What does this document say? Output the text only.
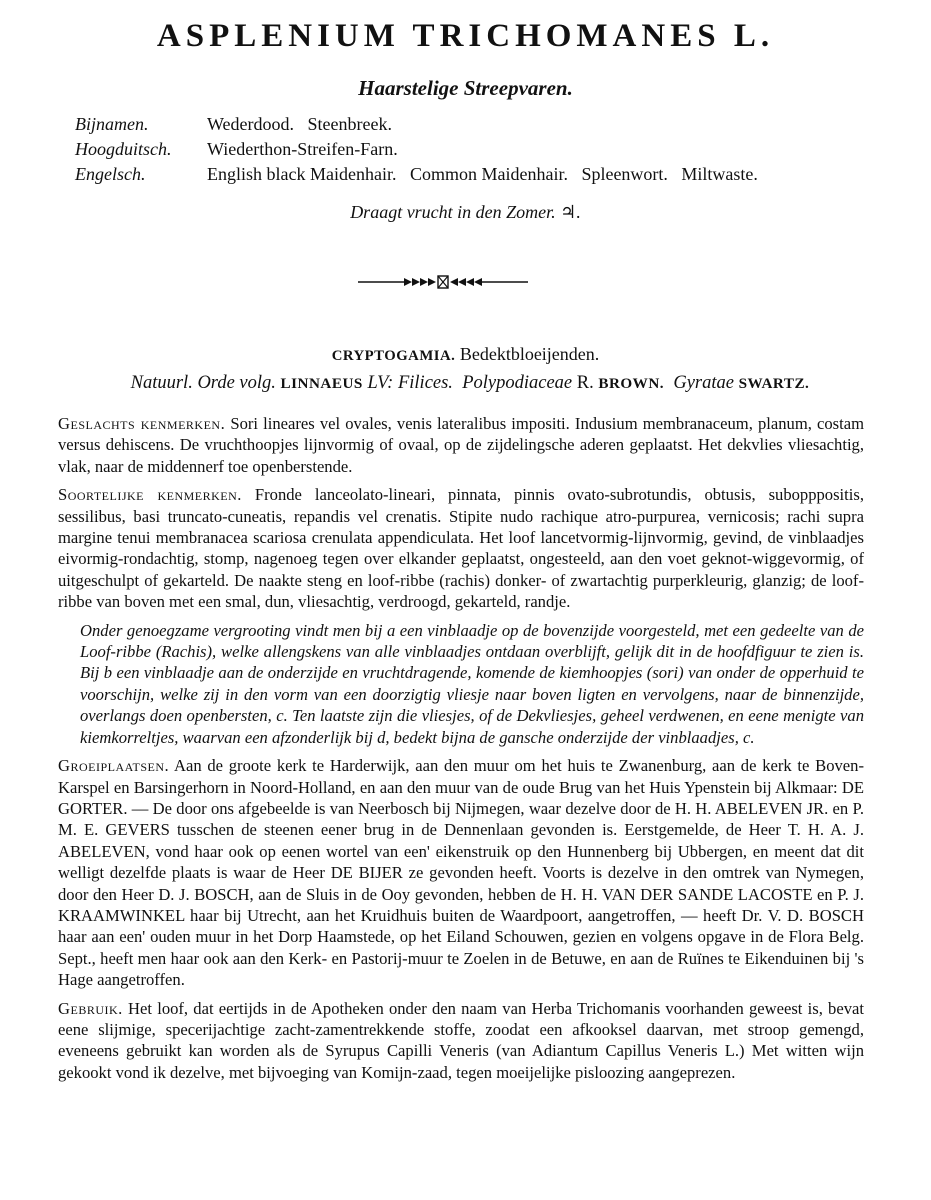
ASPLENIUM TRICHOMANES L.
Haarstelige Streepvaren.
Bijnamen.	Wederdood.   Steenbreek.
Hoogduitsch.	Wiederthon-Streifen-Farn.
Engelsch.	English black Maidenhair.   Common Maidenhair.   Spleenwort.   Miltwaste.
Draagt vrucht in den Zomer. ♃.
CRYPTOGAMIA. Bedektbloeijenden.
Natuurl. Orde volg. LINNAEUS LV: Filices. Polypodiaceae R. BROWN. Gyratae SWARTZ.

Geslachts kenmerken. Sori lineares vel ovales, venis lateralibus impositi. Indusium membranaceum, planum, costam versus dehiscens. De vruchthoopjes lijnvormig of ovaal, op de zijdelingsche aderen geplaatst. Het dekvlies vliesachtig, vlak, naar de middennerf toe openberstende.

Soortelijke kenmerken. Fronde lanceolato-lineari, pinnata, pinnis ovato-subrotundis, obtusis, subopppositis, sessilibus, basi truncato-cuneatis, repandis vel crenatis. Stipite nudo rachique atro-purpurea, vernicosis; rachi supra margine tenui membranacea scariosa crenulata appendiculata. Het loof lancetvormig-lijnvormig, gevind, de vinblaadjes eivormig-rondachtig, stomp, nagenoeg tegen over elkander geplaatst, ongesteeld, aan den voet geknot-wiggevormig, of uitgeschulpt of gekarteld. De naakte steng en loof-ribbe (rachis) donker- of zwartachtig purperkleurig, glanzig; de loof-ribbe van boven met een smal, dun, vliesachtig, verdroogd, gekarteld, randje.

Onder genoegzame vergrooting vindt men bij a een vinblaadje op de bovenzijde voorgesteld, met een gedeelte van de Loof-ribbe (Rachis), welke allengskens van alle vinblaadjes ontdaan overblijft, gelijk dit in de hoofdfiguur te zien is. Bij b een vinblaadje aan de onderzijde en vruchtdragende, komende de kiemhoopjes (sori) van onder de opperhuid te voorschijn, welke zij in den vorm van een doorzigtig vliesje naar boven ligten en vervolgens, naar de binnenzijde, overlangs doen openbersten, c. Ten laatste zijn die vliesjes, of de Dekvliesjes, geheel verdwenen, en eene menigte van kiemkorreltjes, waarvan een afzonderlijk bij d, bedekt bijna de gansche onderzijde der vinblaadjes, c.

Groeiplaatsen. Aan de groote kerk te Harderwijk, aan den muur om het huis te Zwanenburg, aan de kerk te Boven-Karspel en Barsingerhorn in Noord-Holland, en aan den muur van de oude Brug van het Huis Ypenstein bij Alkmaar: DE GORTER. — De door ons afgebeelde is van Neerbosch bij Nijmegen, waar dezelve door de H. H. ABELEVEN JR. en P. M. E. GEVERS tusschen de steenen eener brug in de Dennenlaan gevonden is. Eerstgemelde, de Heer T. H. A. J. ABELEVEN, vond haar ook op eenen wortel van een' eikenstruik op den Hunnenberg bij Ubbergen, en meent dat dit welligt dezelfde plaats is waar de Heer DE BIJER ze gevonden heeft. Voorts is dezelve in den omtrek van Nymegen, door den Heer D. J. BOSCH, aan de Sluis in de Ooy gevonden, hebben de H. H. VAN DER SANDE LACOSTE en P. J. KRAAMWINKEL haar bij Utrecht, aan het Kruidhuis buiten de Waardpoort, aangetroffen, — heeft Dr. V. D. BOSCH haar aan een' ouden muur in het Dorp Haamstede, op het Eiland Schouwen, gezien en volgens opgave in de Flora Belg. Sept., heeft men haar ook aan den Kerk- en Pastorij-muur te Zoelen in de Betuwe, en aan de Ruïnes te Eikenduinen bij 's Hage aangetroffen.

Gebruik. Het loof, dat eertijds in de Apotheken onder den naam van Herba Trichomanis voorhanden geweest is, bevat eene slijmige, specerijachtige zacht-zamentrekkende stoffe, zoodat een afkooksel daarvan, met stroop gemengd, eveneens gebruikt kan worden als de Syrupus Capilli Veneris (van Adiantum Capillus Veneris L.) Met witten wijn gekookt vond ik dezelve, met bijvoeging van Komijn-zaad, tegen moeijelijke pisloozing aangeprezen.
